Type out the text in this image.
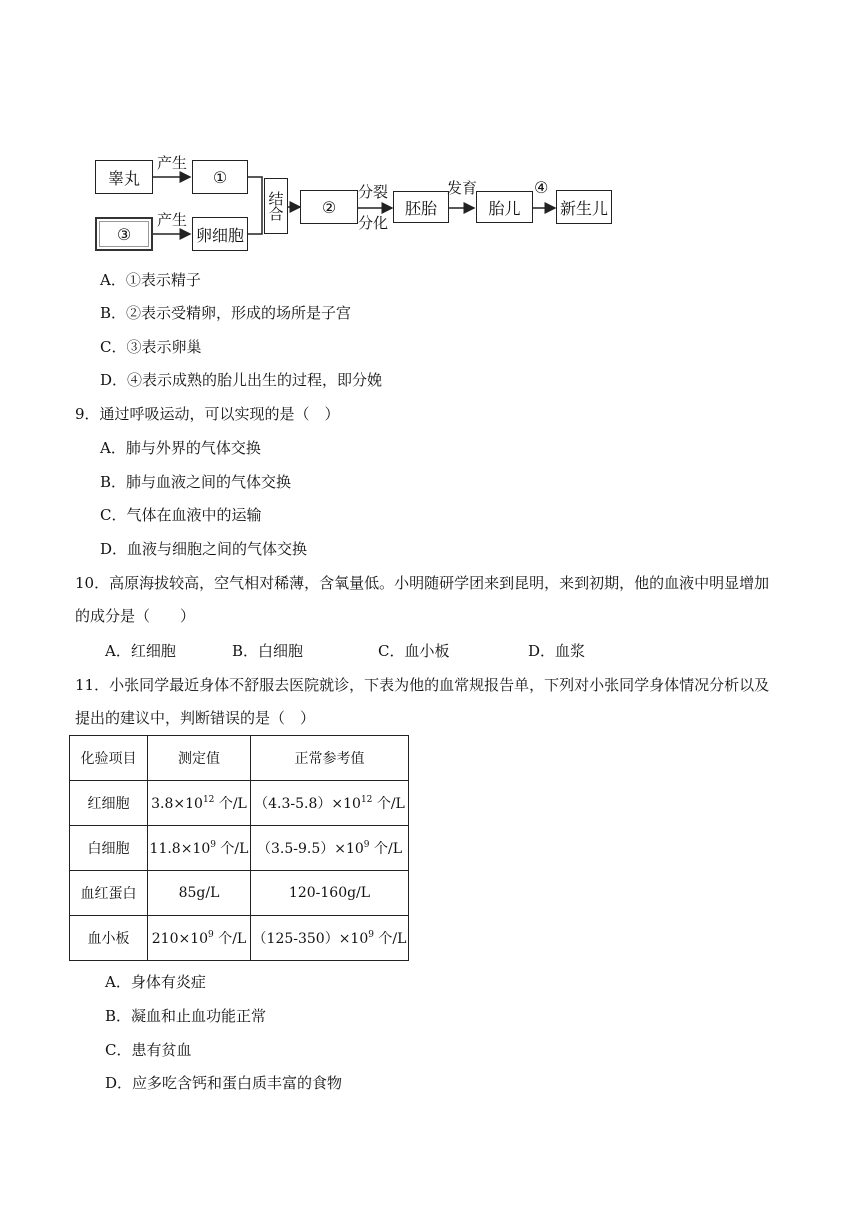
睾丸	①
③	卵细胞
结合 ②	胚胎	胎儿 新生儿
产生
产生
分裂
分化
发育	④
A．①表示精子
B．②表示受精卵，形成的场所是子宫
C．③表示卵巢
D．④表示成熟的胎儿出生的过程，即分娩
9．通过呼吸运动，可以实现的是（　）
A．肺与外界的气体交换
B．肺与血液之间的气体交换
C．气体在血液中的运输
D．血液与细胞之间的气体交换
10．高原海拔较高，空气相对稀薄，含氧量低。小明随研学团来到昆明，来到初期，他的血液中明显增加
的成分是（　　）
A．红细胞	B．白细胞	C．血小板	D．血浆
11．小张同学最近身体不舒服去医院就诊，下表为他的血常规报告单，下列对小张同学身体情况分析以及
提出的建议中，判断错误的是（　）
化验项目	测定值	正常参考值
红细胞	$3.8\times 10^{12}$ 个/L	$(4.3-5.8)\times 10^{12}$ 个/L
白细胞	$11.8\times 10^9$ 个/L	$(3.5-9.5)\times 10^9$ 个/L
血红蛋白	85g/L	120-160g/L
血小板	$210\times 10^9$ 个/L	$(125-350)\times 10^9$ 个/L
A．身体有炎症
B．凝血和止血功能正常
C．患有贫血
D．应多吃含钙和蛋白质丰富的食物
